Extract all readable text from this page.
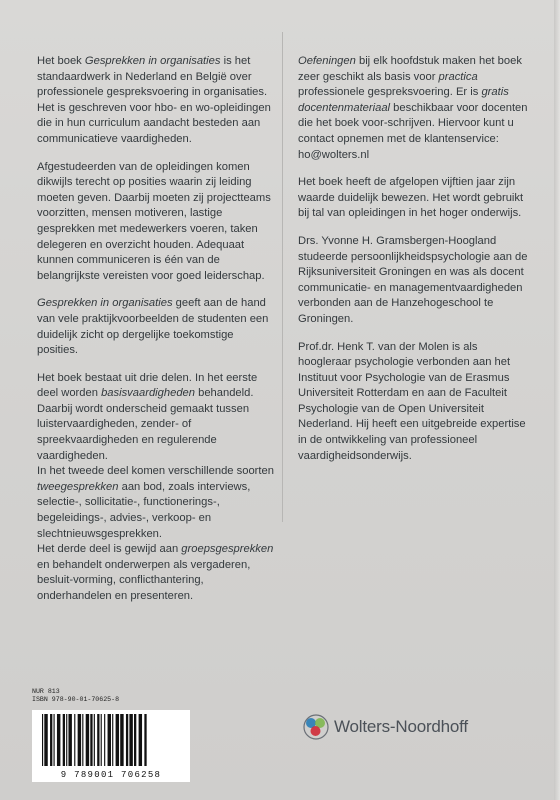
Het boek Gesprekken in organisaties is het standaardwerk in Nederland en België over professionele gespreksvoering in organisaties. Het is geschreven voor hbo- en wo-opleidingen die in hun curriculum aandacht besteden aan communicatieve vaardigheden.

Afgestudeerden van de opleidingen komen dikwijls terecht op posities waarin zij leiding moeten geven. Daarbij moeten zij projectteams voorzitten, mensen motiveren, lastige gesprekken met medewerkers voeren, taken delegeren en overzicht houden. Adequaat kunnen communiceren is één van de belangrijkste vereisten voor goed leiderschap.

Gesprekken in organisaties geeft aan de hand van vele praktijkvoorbeelden de studenten een duidelijk zicht op dergelijke toekomstige posities.

Het boek bestaat uit drie delen. In het eerste deel worden basisvaardigheden behandeld. Daarbij wordt onderscheid gemaakt tussen luistervaardigheden, zender- of spreekvaardigheden en regulerende vaardigheden.

In het tweede deel komen verschillende soorten tweegesprekken aan bod, zoals interviews, selectie-, sollicitatie-, functionerings-, begeleidings-, advies-, verkoop- en slechtnieuwsgesprekken.

Het derde deel is gewijd aan groepsgesprekken en behandelt onderwerpen als vergaderen, besluit-vorming, conflicthantering, onderhandelen en presenteren.

Oefeningen bij elk hoofdstuk maken het boek zeer geschikt als basis voor practica professionele gespreksvoering. Er is gratis docentenmateriaal beschikbaar voor docenten die het boek voor-schrijven. Hiervoor kunt u contact opnemen met de klantenservice: ho@wolters.nl

Het boek heeft de afgelopen vijftien jaar zijn waarde duidelijk bewezen. Het wordt gebruikt bij tal van opleidingen in het hoger onderwijs.

Drs. Yvonne H. Gramsbergen-Hoogland studeerde persoonlijkheidspsychologie aan de Rijksuniversiteit Groningen en was als docent communicatie- en managementvaardigheden verbonden aan de Hanzehogeschool te Groningen.

Prof.dr. Henk T. van der Molen is als hoogleraar psychologie verbonden aan het Instituut voor Psychologie van de Erasmus Universiteit Rotterdam en aan de Faculteit Psychologie van de Open Universiteit Nederland. Hij heeft een uitgebreide expertise in de ontwikkeling van professioneel vaardigheidsonderwijs.

NUR 813
ISBN 978-90-01-70625-8
9 789001 706258
Wolters-Noordhoff
